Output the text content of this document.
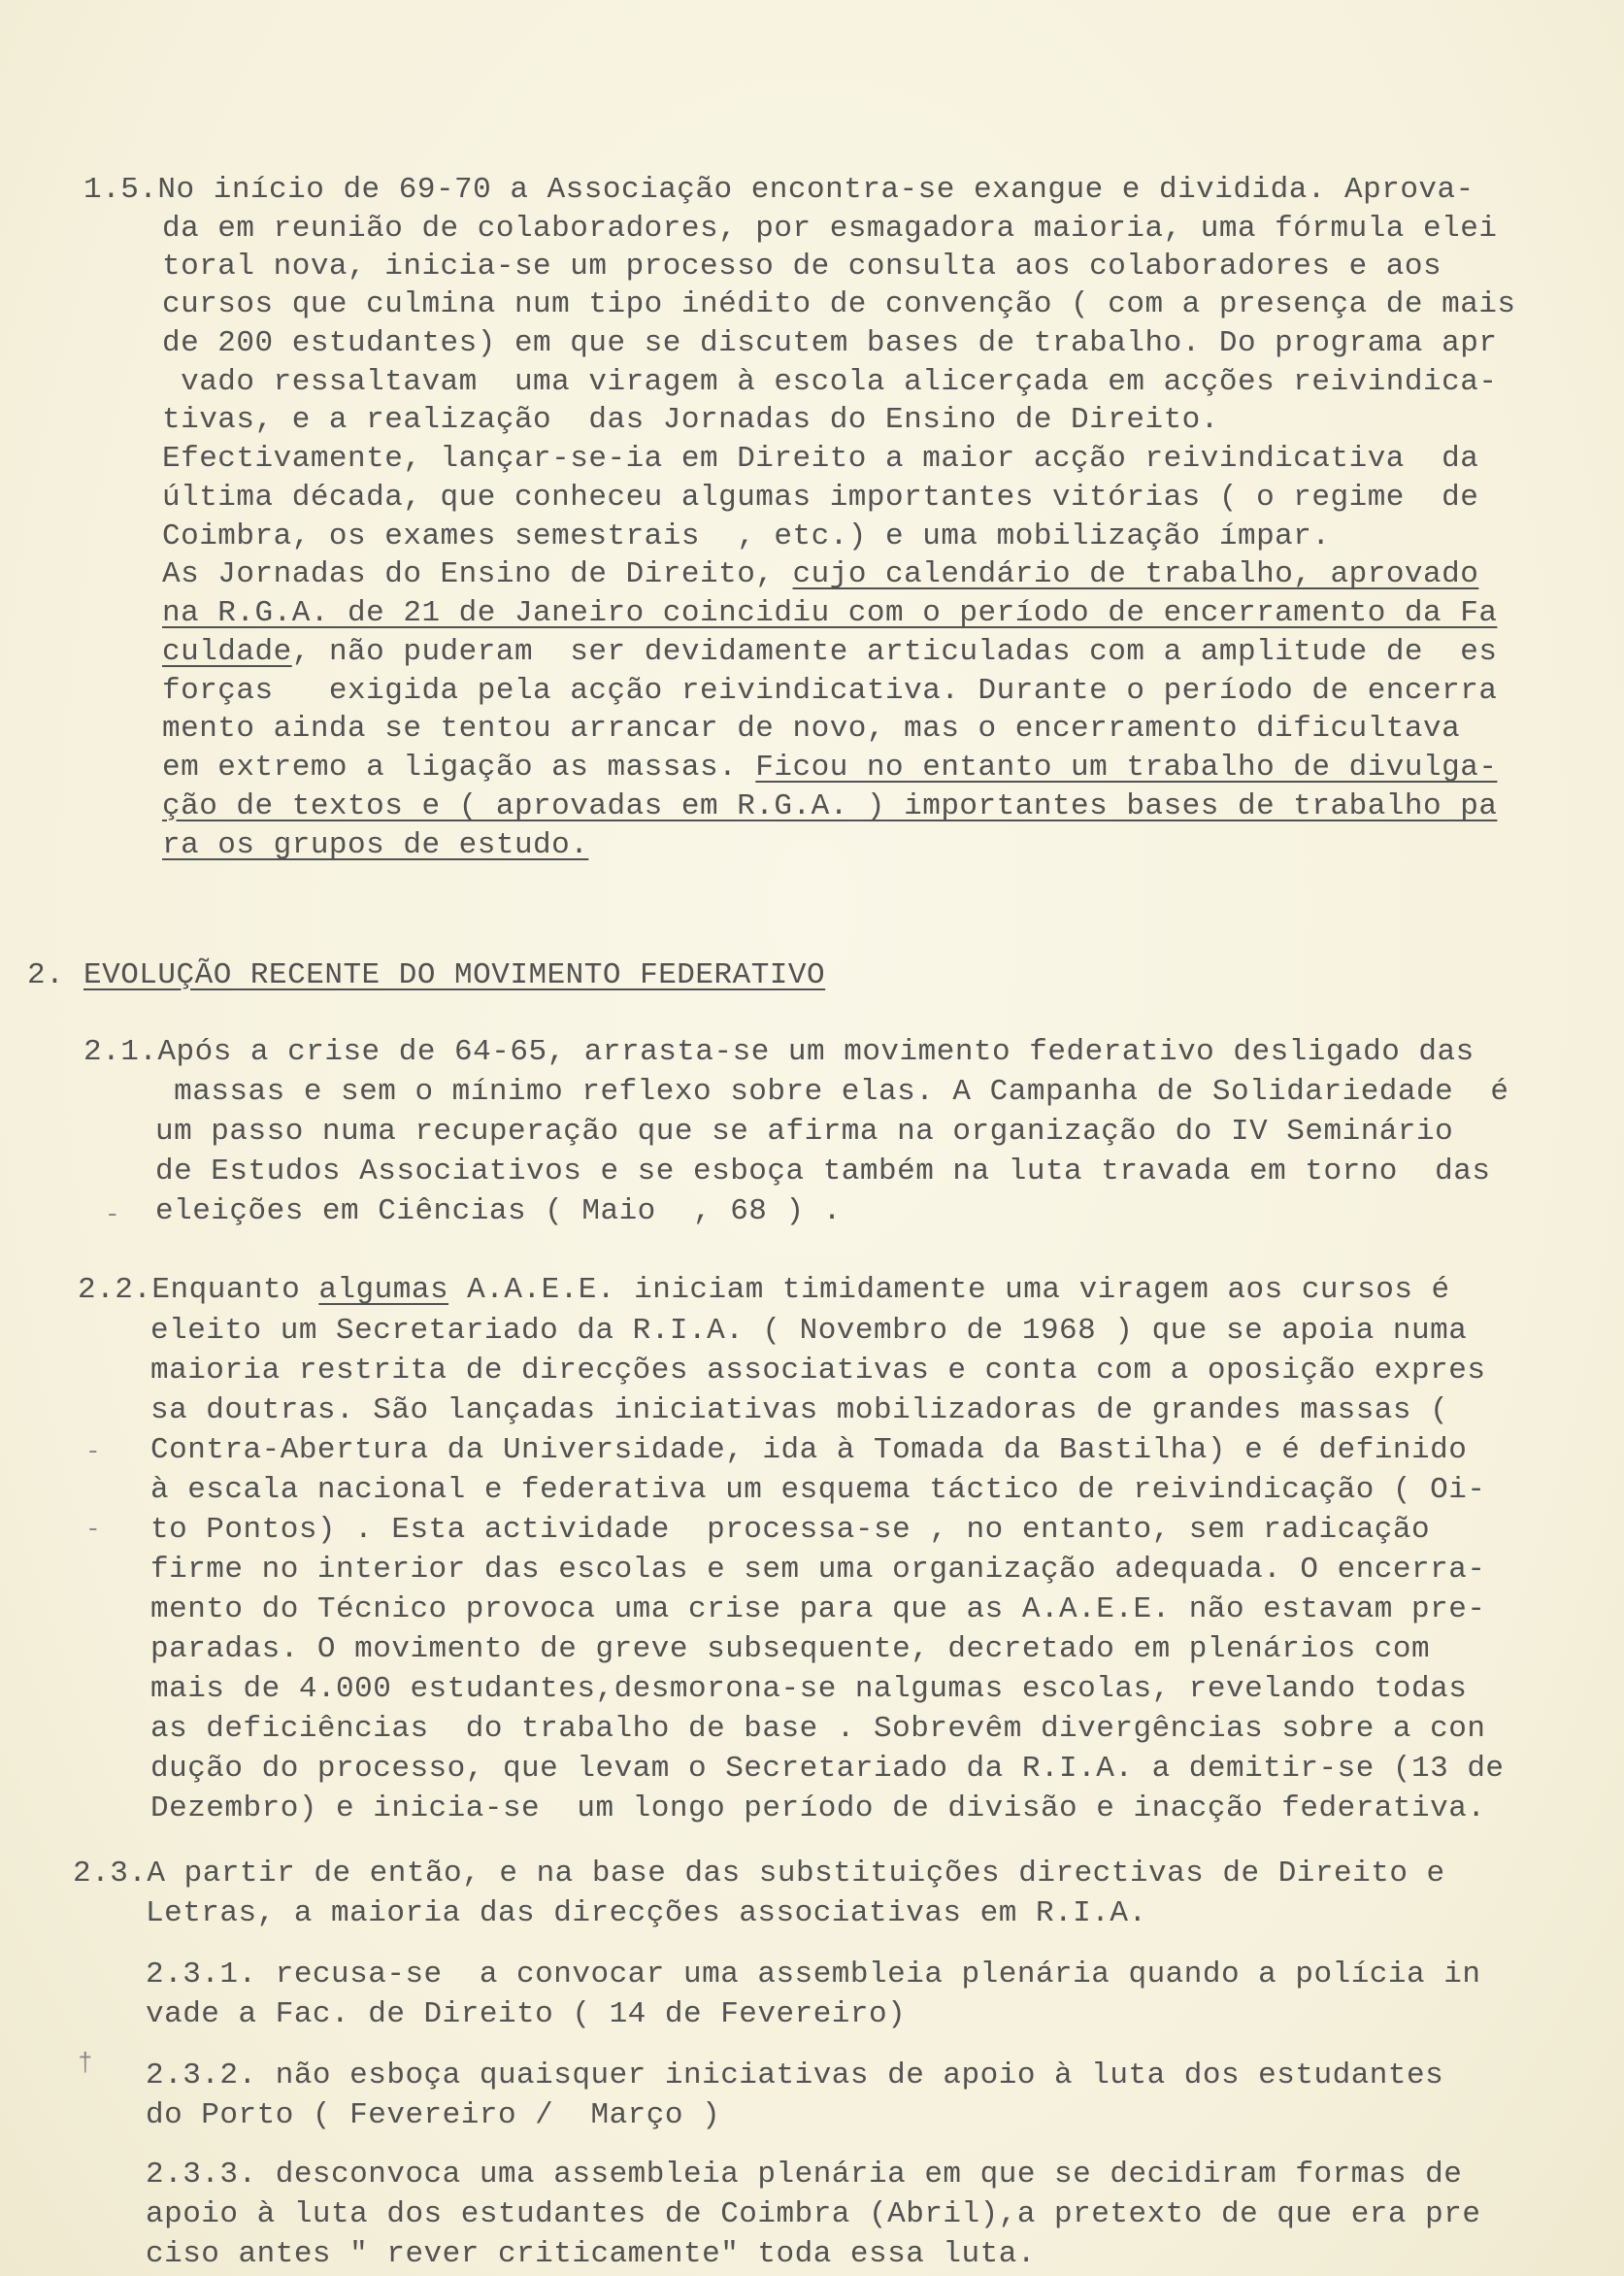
1.5.No início de 69-70 a Associação encontra-se exangue e dividida. Aprova-
da em reunião de colaboradores, por esmagadora maioria, uma fórmula elei
toral nova, inicia-se um processo de consulta aos colaboradores e aos
cursos que culmina num tipo inédito de convenção ( com a presença de mais
de 200 estudantes) em que se discutem bases de trabalho. Do programa apr
vado ressaltavam  uma viragem à escola alicerçada em acções reivindica-
tivas, e a realização  das Jornadas do Ensino de Direito.
Efectivamente, lançar-se-ia em Direito a maior acção reivindicativa  da
última década, que conheceu algumas importantes vitórias ( o regime  de
Coimbra, os exames semestrais  , etc.) e uma mobilização ímpar.
As Jornadas do Ensino de Direito, cujo calendário de trabalho, aprovado
na R.G.A. de 21 de Janeiro coincidiu com o período de encerramento da Fa
culdade, não puderam  ser devidamente articuladas com a amplitude de  es
forças   exigida pela acção reivindicativa. Durante o período de encerra
mento ainda se tentou arrancar de novo, mas o encerramento dificultava
em extremo a ligação as massas. Ficou no entanto um trabalho de divulga-
ção de textos e ( aprovadas em R.G.A. ) importantes bases de trabalho pa
ra os grupos de estudo.
2. EVOLUÇÃO RECENTE DO MOVIMENTO FEDERATIVO
2.1.Após a crise de 64-65, arrasta-se um movimento federativo desligado das
massas e sem o mínimo reflexo sobre elas. A Campanha de Solidariedade  é
um passo numa recuperação que se afirma na organização do IV Seminário
de Estudos Associativos e se esboça também na luta travada em torno  das
eleições em Ciências ( Maio  , 68 ) .
2.2.Enquanto algumas A.A.E.E. iniciam timidamente uma viragem aos cursos é
eleito um Secretariado da R.I.A. ( Novembro de 1968 ) que se apoia numa
maioria restrita de direcções associativas e conta com a oposição expres
sa doutras. São lançadas iniciativas mobilizadoras de grandes massas (
Contra-Abertura da Universidade, ida à Tomada da Bastilha) e é definido
à escala nacional e federativa um esquema táctico de reivindicação ( Oi-
to Pontos) . Esta actividade  processa-se , no entanto, sem radicação
firme no interior das escolas e sem uma organização adequada. O encerra-
mento do Técnico provoca uma crise para que as A.A.E.E. não estavam pre-
paradas. O movimento de greve subsequente, decretado em plenários com
mais de 4.000 estudantes,desmorona-se nalgumas escolas, revelando todas
as deficiências  do trabalho de base . Sobrevêm divergências sobre a con
dução do processo, que levam o Secretariado da R.I.A. a demitir-se (13 de
Dezembro) e inicia-se  um longo período de divisão e inacção federativa.
2.3.A partir de então, e na base das substituições directivas de Direito e
Letras, a maioria das direcções associativas em R.I.A.
2.3.1. recusa-se  a convocar uma assembleia plenária quando a polícia in
vade a Fac. de Direito ( 14 de Fevereiro)
2.3.2. não esboça quaisquer iniciativas de apoio à luta dos estudantes
do Porto ( Fevereiro /  Março )
2.3.3. desconvoca uma assembleia plenária em que se decidiram formas de
apoio à luta dos estudantes de Coimbra (Abril),a pretexto de que era pre
ciso antes " rever criticamente" toda essa luta.
‐
‐
‐
†
